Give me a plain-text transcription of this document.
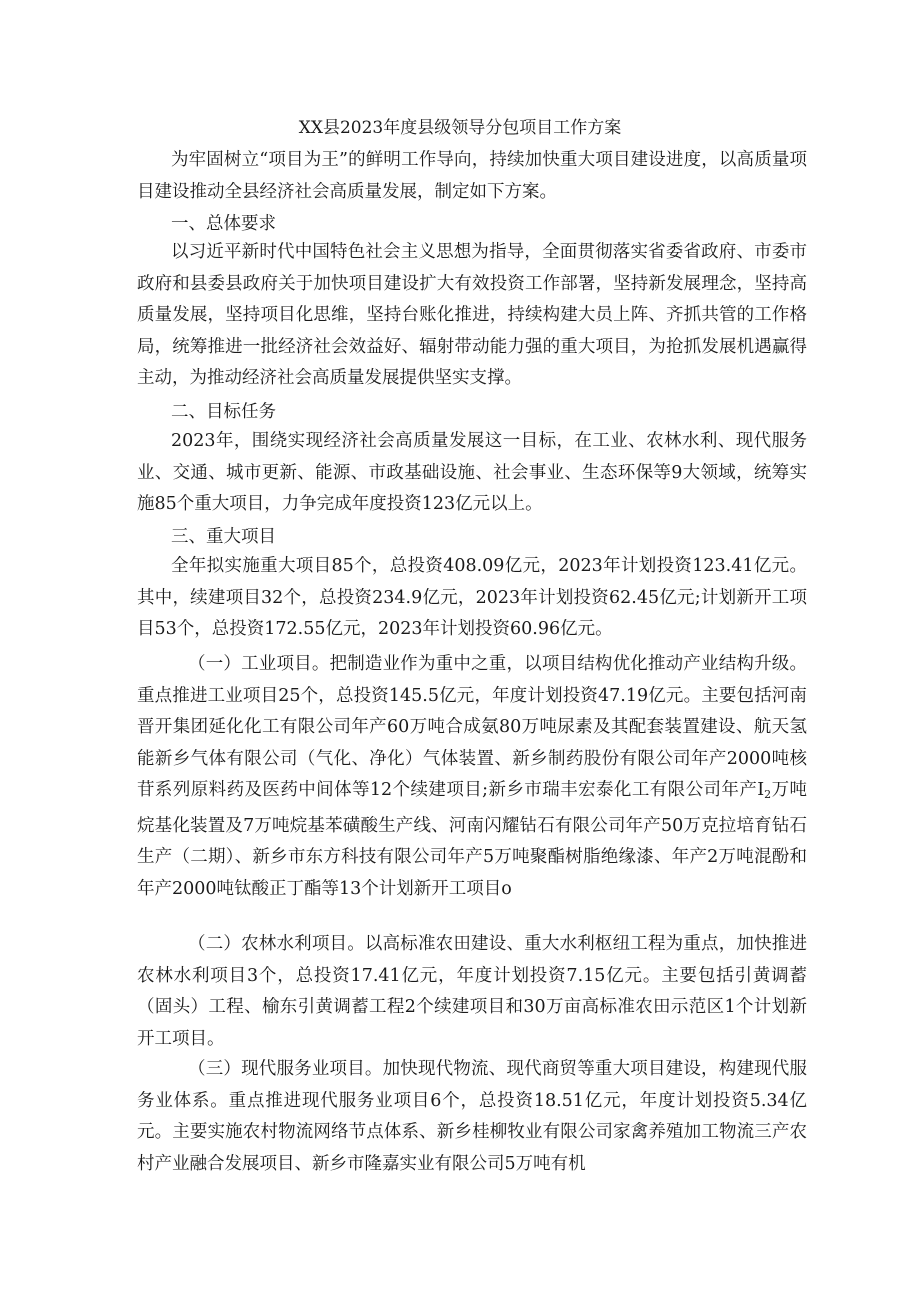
XX县2023年度县级领导分包项目工作方案

为牢固树立“项目为王”的鲜明工作导向，持续加快重大项目建设进度，以高质量项目建设推动全县经济社会高质量发展，制定如下方案。

一、总体要求

以习近平新时代中国特色社会主义思想为指导，全面贯彻落实省委省政府、市委市政府和县委县政府关于加快项目建设扩大有效投资工作部署，坚持新发展理念，坚持高质量发展，坚持项目化思维，坚持台账化推进，持续构建大员上阵、齐抓共管的工作格局，统筹推进一批经济社会效益好、辐射带动能力强的重大项目，为抢抓发展机遇赢得主动，为推动经济社会高质量发展提供坚实支撑。

二、目标任务

2023年，围绕实现经济社会高质量发展这一目标，在工业、农林水利、现代服务业、交通、城市更新、能源、市政基础设施、社会事业、生态环保等9大领域，统筹实施85个重大项目，力争完成年度投资123亿元以上。

三、重大项目

全年拟实施重大项目85个，总投资408.09亿元，2023年计划投资123.41亿元。其中，续建项目32个，总投资234.9亿元，2023年计划投资62.45亿元;计划新开工项目53个，总投资172.55亿元，2023年计划投资60.96亿元。

（一）工业项目。把制造业作为重中之重，以项目结构优化推动产业结构升级。重点推进工业项目25个，总投资145.5亿元，年度计划投资47.19亿元。主要包括河南晋开集团延化化工有限公司年产60万吨合成氨80万吨尿素及其配套装置建设、航天氢能新乡气体有限公司（气化、净化）气体装置、新乡制药股份有限公司年产2000吨核苷系列原料药及医药中间体等12个续建项目;新乡市瑞丰宏泰化工有限公司年产$I_2$万吨烷基化装置及7万吨烷基苯磺酸生产线、河南闪耀钻石有限公司年产50万克拉培育钻石生产（二期）、新乡市东方科技有限公司年产5万吨聚酯树脂绝缘漆、年产2万吨混酚和年产2000吨钛酸正丁酯等13个计划新开工项目o

（二）农林水利项目。以高标准农田建设、重大水利枢纽工程为重点，加快推进农林水利项目3个，总投资17.41亿元，年度计划投资7.15亿元。主要包括引黄调蓄（固头）工程、榆东引黄调蓄工程2个续建项目和30万亩高标准农田示范区1个计划新开工项目。

（三）现代服务业项目。加快现代物流、现代商贸等重大项目建设，构建现代服务业体系。重点推进现代服务业项目6个，总投资18.51亿元，年度计划投资5.34亿元。主要实施农村物流网络节点体系、新乡桂柳牧业有限公司家禽养殖加工物流三产农村产业融合发展项目、新乡市隆嘉实业有限公司5万吨有机
